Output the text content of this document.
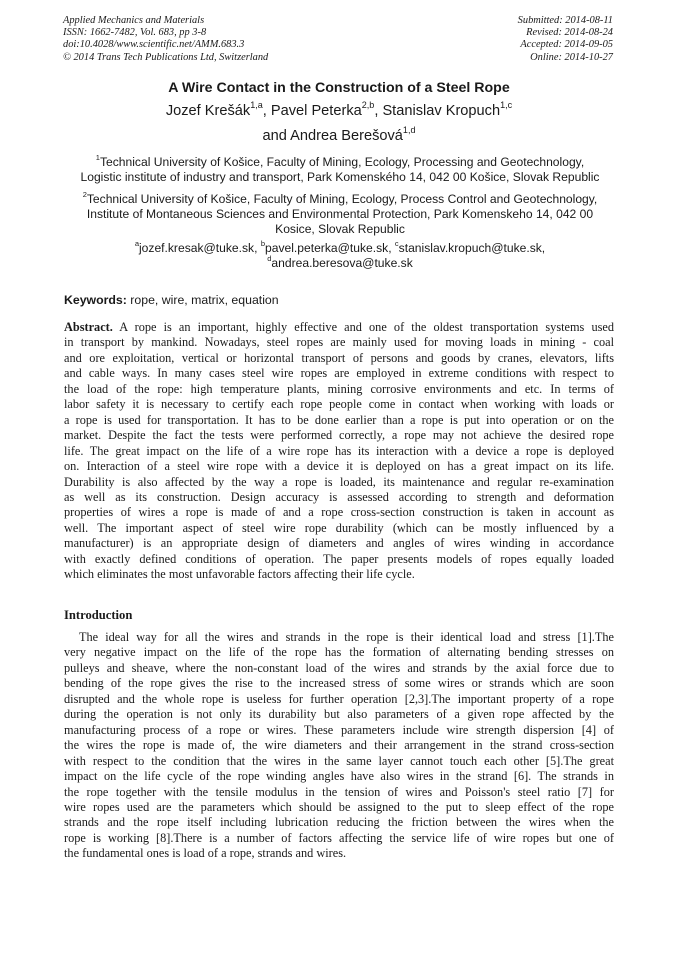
Applied Mechanics and Materials
ISSN: 1662-7482, Vol. 683, pp 3-8
doi:10.4028/www.scientific.net/AMM.683.3
© 2014 Trans Tech Publications Ltd, Switzerland
Submitted: 2014-08-11
Revised: 2014-08-24
Accepted: 2014-09-05
Online: 2014-10-27
A Wire Contact in the Construction of a Steel Rope
Jozef Krešák$^{1,a}$, Pavel Peterka$^{2,b}$, Stanislav Kropuch$^{1,c}$
and Andrea Berešová$^{1,d}$
$^1$Technical University of Košice, Faculty of Mining, Ecology, Processing and Geotechnology,
Logistic institute of industry and transport, Park Komenského 14, 042 00 Košice, Slovak Republic
$^2$Technical University of Košice, Faculty of Mining, Ecology, Process Control and Geotechnology,
Institute of Montaneous Sciences and Environmental Protection, Park Komenskeho 14, 042 00
Kosice, Slovak Republic
$^a$jozef.kresak@tuke.sk, $^b$pavel.peterka@tuke.sk, $^c$stanislav.kropuch@tuke.sk,
$^d$andrea.beresova@tuke.sk
Keywords: rope, wire, matrix, equation
Abstract. A rope is an important, highly effective and one of the oldest transportation systems used
in transport by mankind. Nowadays, steel ropes are mainly used for moving loads in mining - coal
and ore exploitation, vertical or horizontal transport of persons and goods by cranes, elevators, lifts
and cable ways. In many cases steel wire ropes are employed in extreme conditions with respect to
the load of the rope: high temperature plants, mining corrosive environments and etc. In terms of
labor safety it is necessary to certify each rope people come in contact when working with loads or
a rope is used for transportation. It has to be done earlier than a rope is put into operation or on the
market. Despite the fact the tests were performed correctly, a rope may not achieve the desired rope
life. The great impact on the life of a wire rope has its interaction with a device a rope is deployed
on. Interaction of a steel wire rope with a device it is deployed on has a great impact on its life.
Durability is also affected by the way a rope is loaded, its maintenance and regular re-examination
as well as its construction. Design accuracy is assessed according to strength and deformation
properties of wires a rope is made of and a rope cross-section construction is taken in account as
well. The important aspect of steel wire rope durability (which can be mostly influenced by a
manufacturer) is an appropriate design of diameters and angles of wires winding in accordance
with exactly defined conditions of operation. The paper presents models of ropes equally loaded
which eliminates the most unfavorable factors affecting their life cycle.
Introduction
The ideal way for all the wires and strands in the rope is their identical load and stress [1].The
very negative impact on the life of the rope has the formation of alternating bending stresses on
pulleys and sheave, where the non-constant load of the wires and strands by the axial force due to
bending of the rope gives the rise to the increased stress of some wires or strands which are soon
disrupted and the whole rope is useless for further operation [2,3].The important property of a rope
during the operation is not only its durability but also parameters of a given rope affected by the
manufacturing process of a rope or wires. These parameters include wire strength dispersion [4] of
the wires the rope is made of, the wire diameters and their arrangement in the strand cross-section
with respect to the condition that the wires in the same layer cannot touch each other [5].The great
impact on the life cycle of the rope winding angles have also wires in the strand [6]. The strands in
the rope together with the tensile modulus in the tension of wires and Poisson's steel ratio [7] for
wire ropes used are the parameters which should be assigned to the put to sleep effect of the rope
strands and the rope itself including lubrication reducing the friction between the wires when the
rope is working [8].There is a number of factors affecting the service life of wire ropes but one of
the fundamental ones is load of a rope, strands and wires.
